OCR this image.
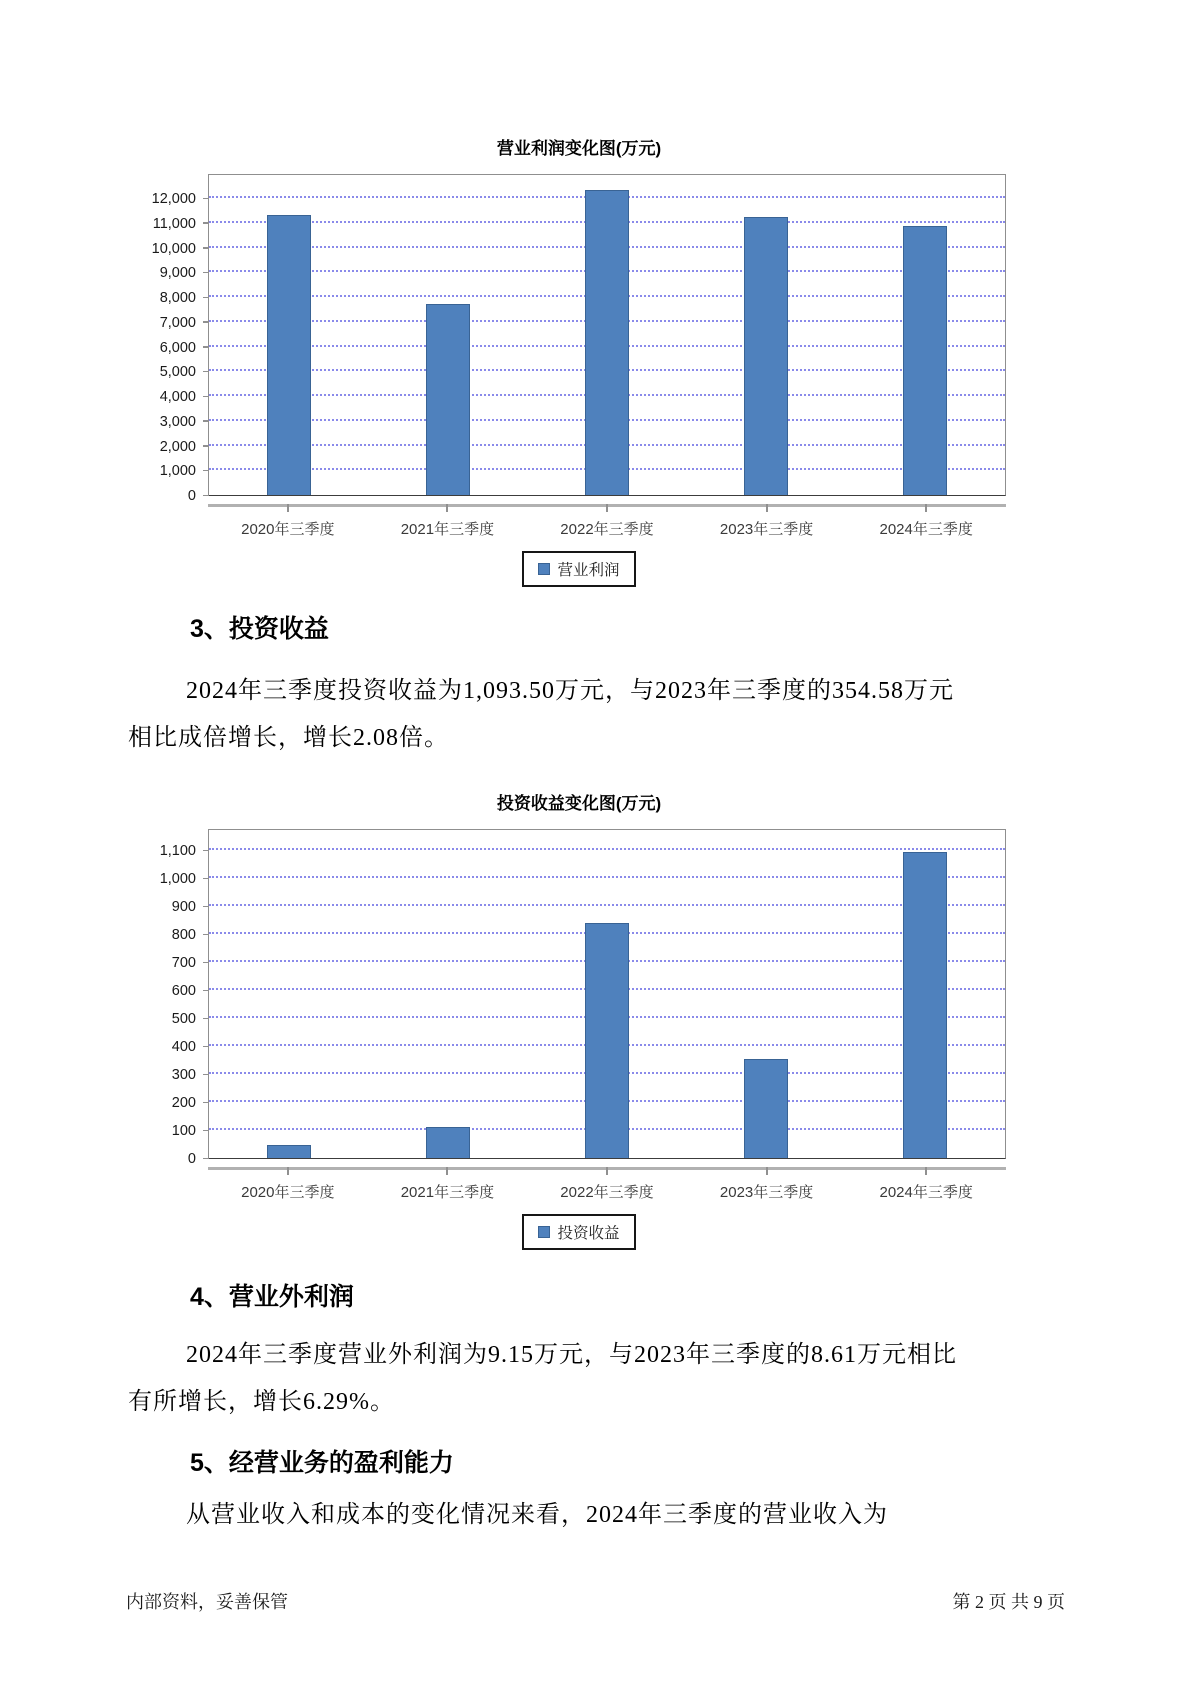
营业利润变化图(万元)
0
1,000
2,000
3,000
4,000
5,000
6,000
7,000
8,000
9,000
10,000
11,000
12,000
2020年三季度	2021年三季度	2022年三季度	2023年三季度	2024年三季度
营业利润
3、投资收益

2024年三季度投资收益为1,093.50万元，与2023年三季度的354.58万元相比成倍增长，增长2.08倍。

投资收益变化图(万元)
0
100
200
300
400
500
600
700
800
900
1,000
1,100
2020年三季度	2021年三季度	2022年三季度	2023年三季度	2024年三季度
投资收益
4、营业外利润

2024年三季度营业外利润为9.15万元，与2023年三季度的8.61万元相比有所增长，增长6.29%。

5、经营业务的盈利能力

从营业收入和成本的变化情况来看，2024年三季度的营业收入为

内部资料，妥善保管	第 2 页 共 9 页
